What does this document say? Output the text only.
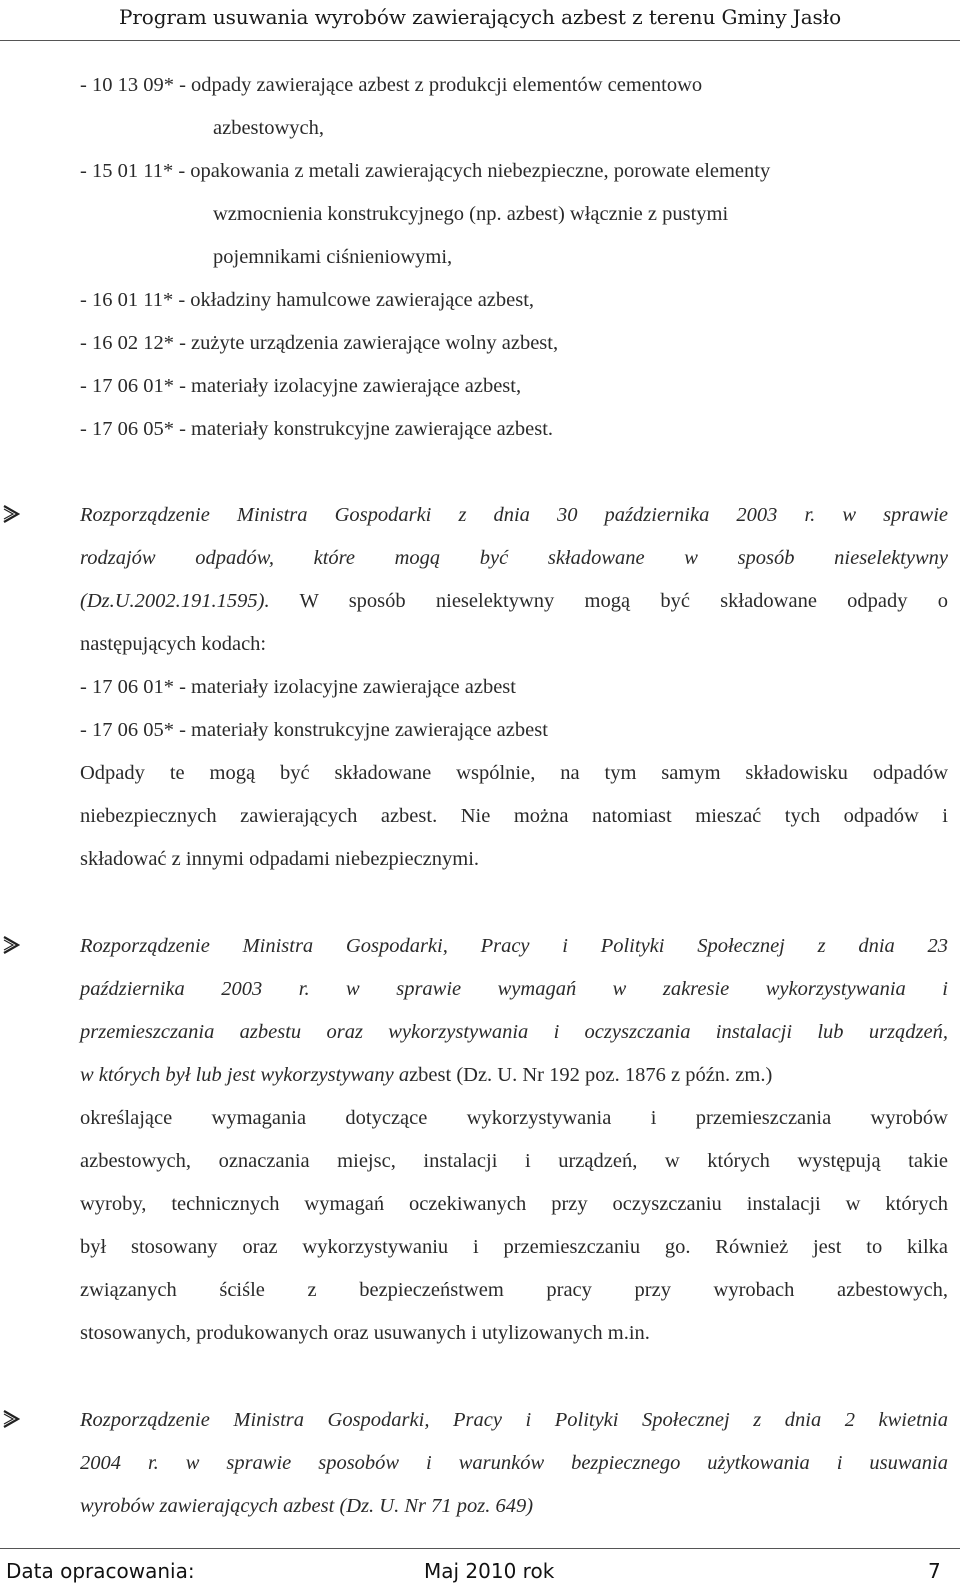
Program usuwania wyrobów zawierających azbest z terenu Gminy Jasło
- 10 13 09* - odpady zawierające azbest z produkcji elementów cementowo
azbestowych,
- 15 01 11* - opakowania z metali zawierających niebezpieczne, porowate elementy
wzmocnienia konstrukcyjnego (np. azbest) włącznie z pustymi
pojemnikami ciśnieniowymi,
- 16 01 11* - okładziny hamulcowe zawierające azbest,
- 16 02 12* - zużyte urządzenia zawierające wolny azbest,
- 17 06 01* - materiały izolacyjne zawierające azbest,
- 17 06 05* - materiały konstrukcyjne zawierające azbest.
Rozporządzenie Ministra Gospodarki z dnia 30 października 2003 r. w sprawie
rodzajów odpadów, które mogą być składowane w sposób nieselektywny
(Dz.U.2002.191.1595). W sposób nieselektywny mogą być składowane odpady o
następujących kodach:
- 17 06 01* - materiały izolacyjne zawierające azbest
- 17 06 05* - materiały konstrukcyjne zawierające azbest
Odpady te mogą być składowane wspólnie, na tym samym składowisku odpadów
niebezpiecznych zawierających azbest. Nie można natomiast mieszać tych odpadów i
składować z innymi odpadami niebezpiecznymi.
Rozporządzenie Ministra Gospodarki, Pracy i Polityki Społecznej z dnia 23
października 2003 r. w sprawie wymagań w zakresie wykorzystywania i
przemieszczania azbestu oraz wykorzystywania i oczyszczania instalacji lub urządzeń,
w których był lub jest wykorzystywany azbest (Dz. U. Nr 192 poz. 1876 z późn. zm.)
określające wymagania dotyczące wykorzystywania i przemieszczania wyrobów
azbestowych, oznaczania miejsc, instalacji i urządzeń, w których występują takie
wyroby, technicznych wymagań oczekiwanych przy oczyszczaniu instalacji w których
był stosowany oraz wykorzystywaniu i przemieszczaniu go. Również jest to kilka
związanych ściśle z bezpieczeństwem pracy przy wyrobach azbestowych,
stosowanych, produkowanych oraz usuwanych i utylizowanych m.in.
Rozporządzenie Ministra Gospodarki, Pracy i Polityki Społecznej z dnia 2 kwietnia
2004 r. w sprawie sposobów i warunków bezpiecznego użytkowania i usuwania
wyrobów zawierających azbest (Dz. U. Nr 71 poz. 649)
Data opracowania:	Maj 2010 rok	7
